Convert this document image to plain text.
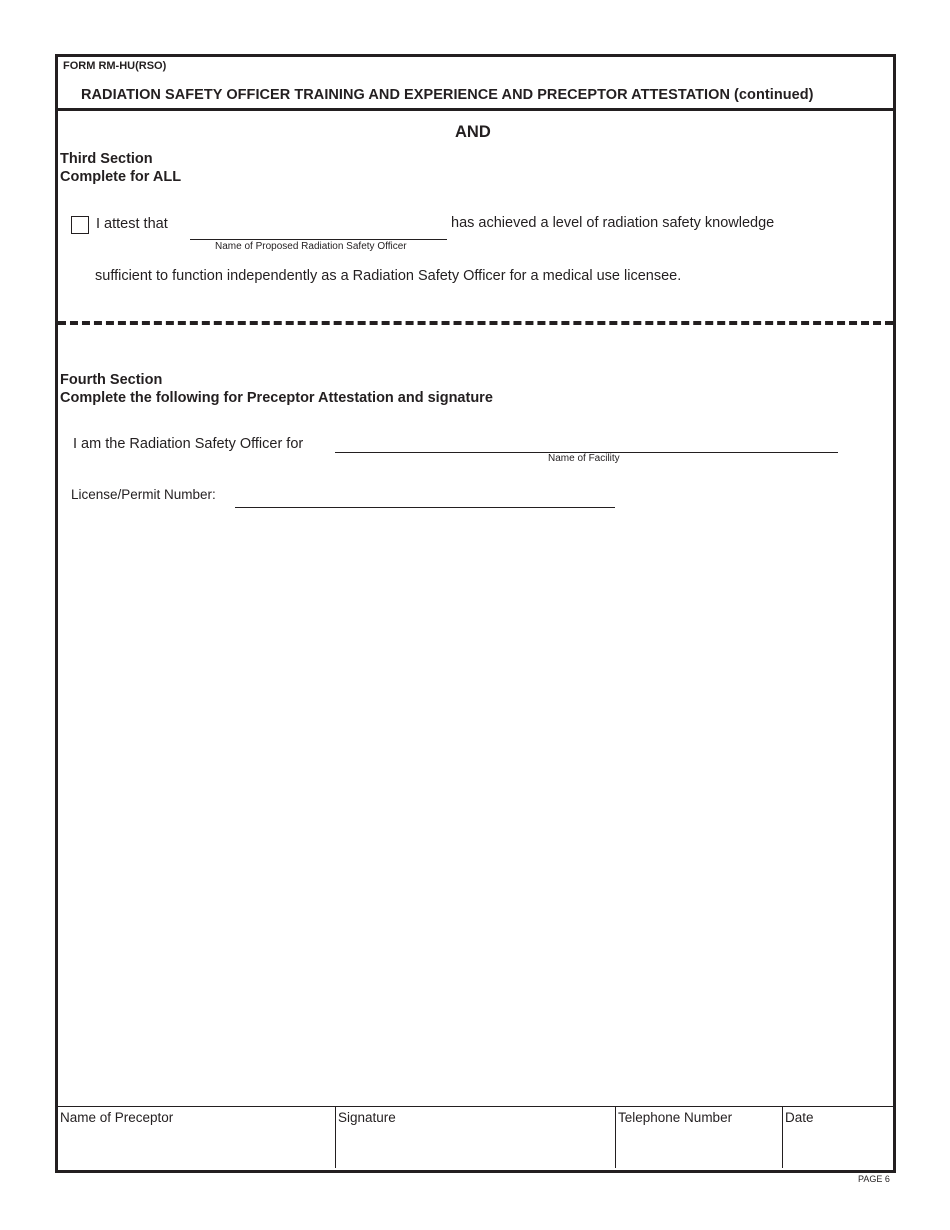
FORM RM-HU(RSO)
RADIATION SAFETY OFFICER TRAINING AND EXPERIENCE AND PRECEPTOR ATTESTATION (continued)
AND
Third Section
Complete for ALL
I attest that
Name of Proposed Radiation Safety Officer
has achieved a level of radiation safety knowledge
sufficient to function independently as a Radiation Safety Officer for a medical use licensee.
Fourth Section
Complete the following for Preceptor Attestation and signature
I am the Radiation Safety Officer for
Name of Facility
License/Permit Number:
Name of Preceptor	Signature	Telephone Number	Date
PAGE 6
